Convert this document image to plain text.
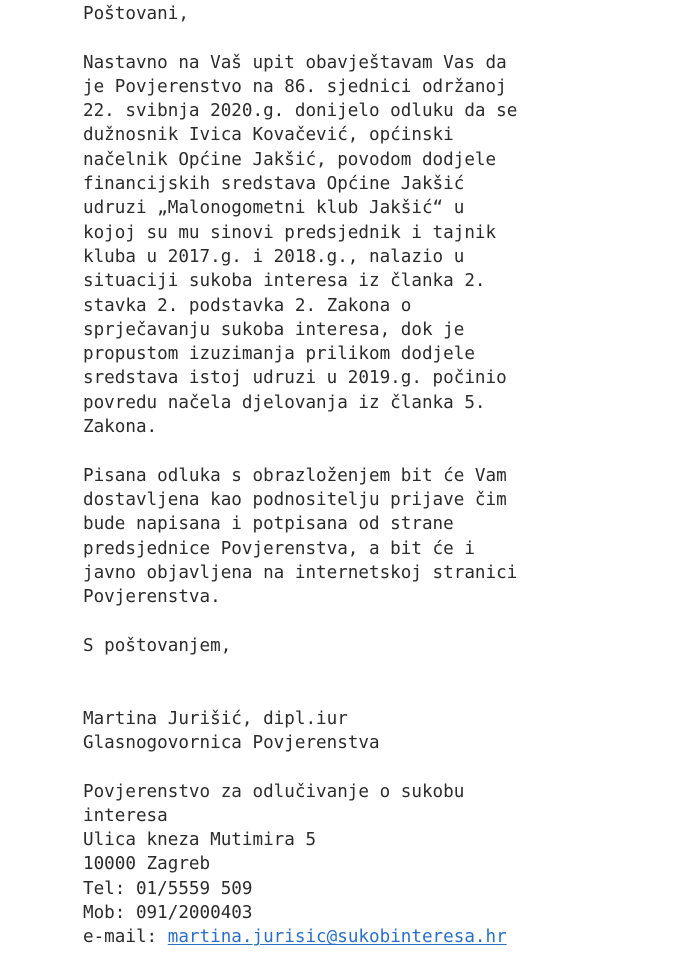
Poštovani,
Nastavno na Vaš upit obavještavam Vas da
je Povjerenstvo na 86. sjednici održanoj
22. svibnja 2020.g. donijelo odluku da se
dužnosnik Ivica Kovačević, općinski
načelnik Općine Jakšić, povodom dodjele
financijskih sredstava Općine Jakšić
udruzi „Malonogometni klub Jakšić“ u
kojoj su mu sinovi predsjednik i tajnik
kluba u 2017.g. i 2018.g., nalazio u
situaciji sukoba interesa iz članka 2.
stavka 2. podstavka 2. Zakona o
sprječavanju sukoba interesa, dok je
propustom izuzimanja prilikom dodjele
sredstava istoj udruzi u 2019.g. počinio
povredu načela djelovanja iz članka 5.
Zakona.
Pisana odluka s obrazloženjem bit će Vam
dostavljena kao podnositelju prijave čim
bude napisana i potpisana od strane
predsjednice Povjerenstva, a bit će i
javno objavljena na internetskoj stranici
Povjerenstva.
S poštovanjem,
Martina Jurišić, dipl.iur
Glasnogovornica Povjerenstva
Povjerenstvo za odlučivanje o sukobu
interesa
Ulica kneza Mutimira 5
10000 Zagreb
Tel: 01/5559 509
Mob: 091/2000403
e-mail: martina.jurisic@sukobinteresa.hr
